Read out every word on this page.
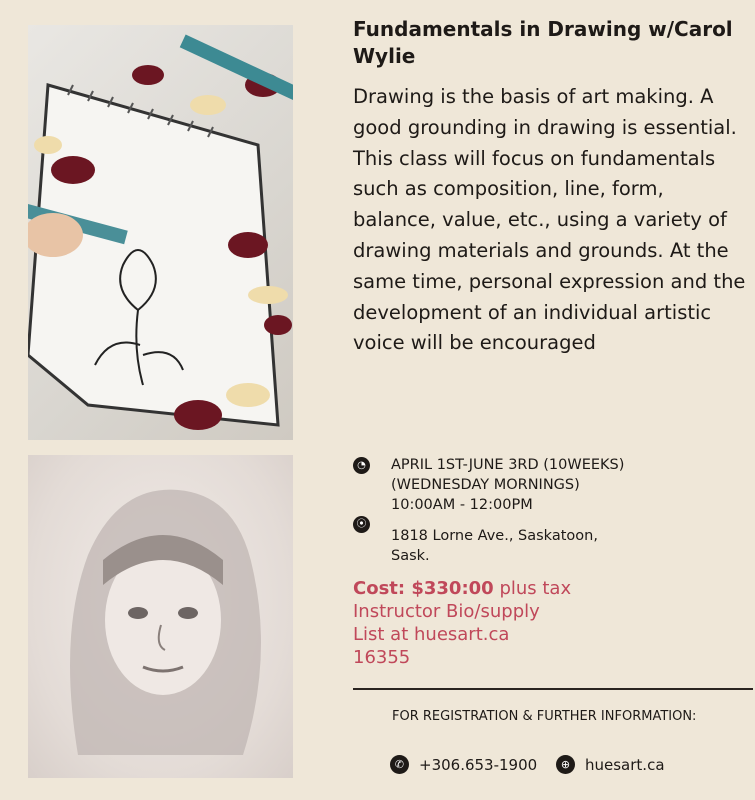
Fundamentals in Drawing w/Carol Wylie
Drawing is the basis of art making. A good grounding in drawing is essential. This class will focus on fundamentals such as composition, line, form, balance, value, etc., using a variety of drawing materials and grounds. At the same time, personal expression and the development of an individual artistic voice will be encouraged
◔ APRIL 1ST-JUNE 3RD (10WEEKS)
(WEDNESDAY MORNINGS)
10:00AM - 12:00PM
⦿
1818 Lorne Ave., Saskatoon,
Sask.
Cost: $330:00 plus tax
Instructor Bio/supply
List at huesart.ca
16355
FOR REGISTRATION & FURTHER INFORMATION:
✆ +306.653-1900	⊕ huesart.ca
